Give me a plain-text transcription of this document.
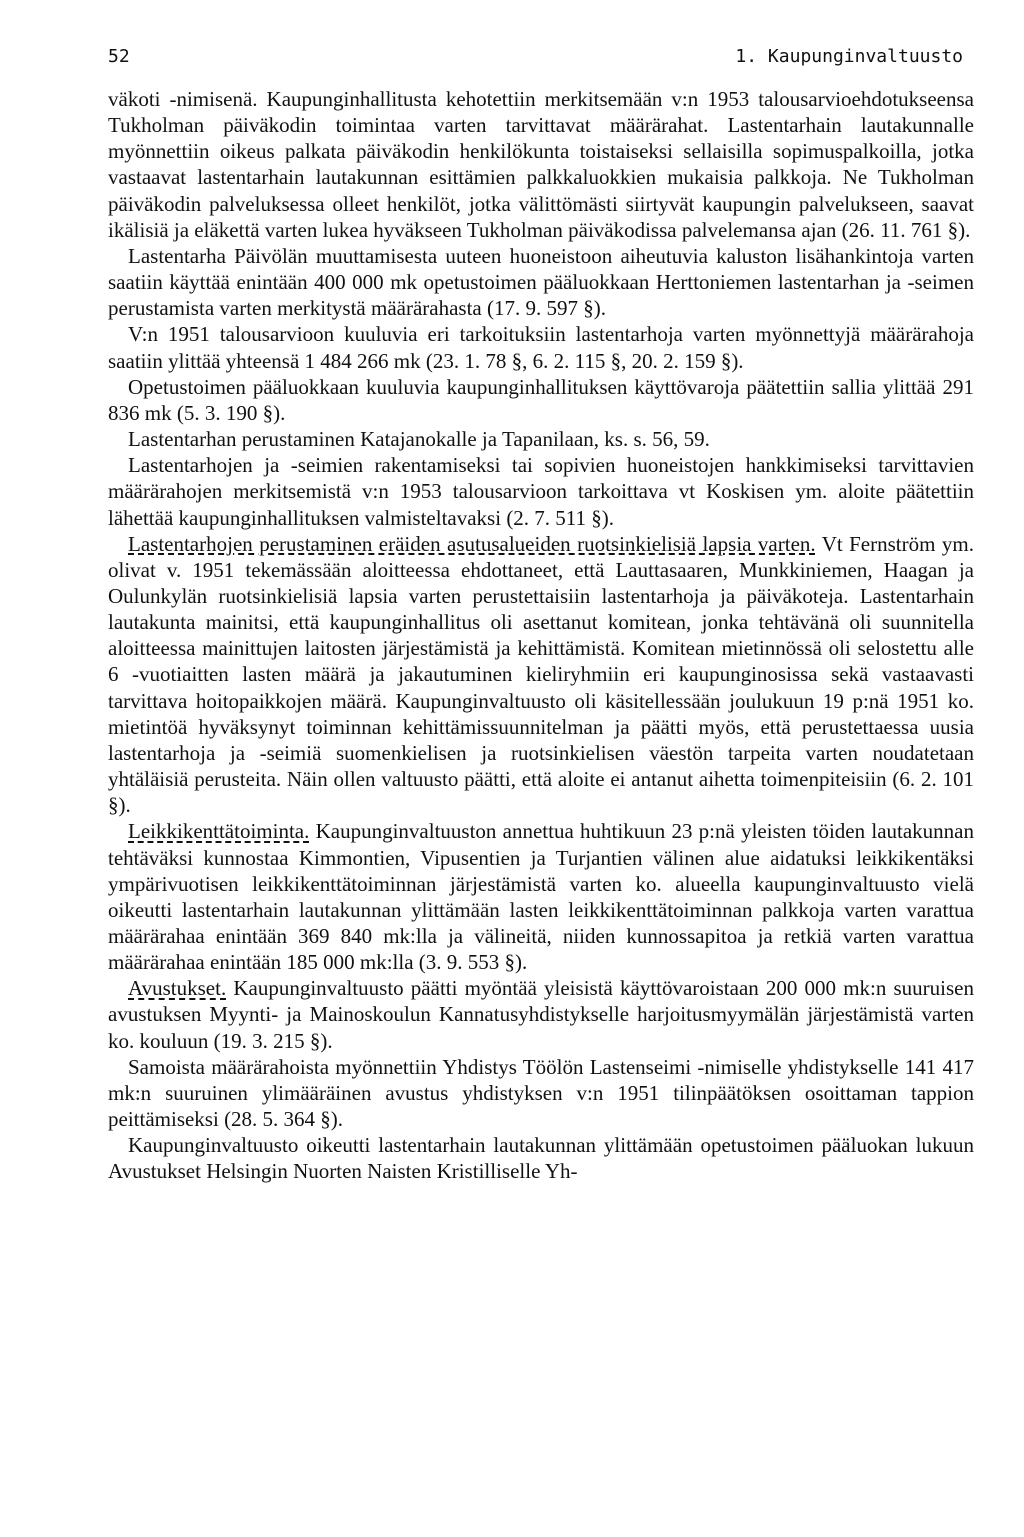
52	1. Kaupunginvaltuusto

väkoti -nimisenä. Kaupunginhallitusta kehotettiin merkitsemään v:n 1953 talousarvioehdotukseensa Tukholman päiväkodin toimintaa varten tarvittavat määrärahat. Lastentarhain lautakunnalle myönnettiin oikeus palkata päiväkodin henkilökunta toistaiseksi sellaisilla sopimuspalkoilla, jotka vastaavat lastentarhain lautakunnan esittämien palkkaluokkien mukaisia palkkoja. Ne Tukholman päiväkodin palveluksessa olleet henkilöt, jotka välittömästi siirtyvät kaupungin palvelukseen, saavat ikälisiä ja eläkettä varten lukea hyväkseen Tukholman päiväkodissa palvelemansa ajan (26. 11. 761 §).

Lastentarha Päivölän muuttamisesta uuteen huoneistoon aiheutuvia kaluston lisähankintoja varten saatiin käyttää enintään 400 000 mk opetustoimen pääluokkaan Herttoniemen lastentarhan ja -seimen perustamista varten merkitystä määrärahasta (17. 9. 597 §).

V:n 1951 talousarvioon kuuluvia eri tarkoituksiin lastentarhoja varten myönnettyjä määrärahoja saatiin ylittää yhteensä 1 484 266 mk (23. 1. 78 §, 6. 2. 115 §, 20. 2. 159 §).

Opetustoimen pääluokkaan kuuluvia kaupunginhallituksen käyttövaroja päätettiin sallia ylittää 291 836 mk (5. 3. 190 §).

Lastentarhan perustaminen Katajanokalle ja Tapanilaan, ks. s. 56, 59.

Lastentarhojen ja -seimien rakentamiseksi tai sopivien huoneistojen hankkimiseksi tarvittavien määrärahojen merkitsemistä v:n 1953 talousarvioon tarkoittava vt Koskisen ym. aloite päätettiin lähettää kaupunginhallituksen valmisteltavaksi (2. 7. 511 §).

Lastentarhojen perustaminen eräiden asutusalueiden ruotsinkielisiä lapsia varten. Vt Fernström ym. olivat v. 1951 tekemässään aloitteessa ehdottaneet, että Lauttasaaren, Munkkiniemen, Haagan ja Oulunkylän ruotsinkielisiä lapsia varten perustettaisiin lastentarhoja ja päiväkoteja. Lastentarhain lautakunta mainitsi, että kaupunginhallitus oli asettanut komitean, jonka tehtävänä oli suunnitella aloitteessa mainittujen laitosten järjestämistä ja kehittämistä. Komitean mietinnössä oli selostettu alle 6 -vuotiaitten lasten määrä ja jakautuminen kieliryhmiin eri kaupunginosissa sekä vastaavasti tarvittava hoitopaikkojen määrä. Kaupunginvaltuusto oli käsitellessään joulukuun 19 p:nä 1951 ko. mietintöä hyväksynyt toiminnan kehittämissuunnitelman ja päätti myös, että perustettaessa uusia lastentarhoja ja -seimiä suomenkielisen ja ruotsinkielisen väestön tarpeita varten noudatetaan yhtäläisiä perusteita. Näin ollen valtuusto päätti, että aloite ei antanut aihetta toimenpiteisiin (6. 2. 101 §).

Leikkikenttätoiminta. Kaupunginvaltuuston annettua huhtikuun 23 p:nä yleisten töiden lautakunnan tehtäväksi kunnostaa Kimmontien, Vipusentien ja Turjantien välinen alue aidatuksi leikkikentäksi ympärivuotisen leikkikenttätoiminnan järjestämistä varten ko. alueella kaupunginvaltuusto vielä oikeutti lastentarhain lautakunnan ylittämään lasten leikkikenttätoiminnan palkkoja varten varattua määrärahaa enintään 369 840 mk:lla ja välineitä, niiden kunnossapitoa ja retkiä varten varattua määrärahaa enintään 185 000 mk:lla (3. 9. 553 §).

Avustukset. Kaupunginvaltuusto päätti myöntää yleisistä käyttövaroistaan 200 000 mk:n suuruisen avustuksen Myynti- ja Mainoskoulun Kannatusyhdistykselle harjoitusmyymälän järjestämistä varten ko. kouluun (19. 3. 215 §).

Samoista määrärahoista myönnettiin Yhdistys Töölön Lastenseimi -nimiselle yhdistykselle 141 417 mk:n suuruinen ylimääräinen avustus yhdistyksen v:n 1951 tilinpäätöksen osoittaman tappion peittämiseksi (28. 5. 364 §).

Kaupunginvaltuusto oikeutti lastentarhain lautakunnan ylittämään opetustoimen pääluokan lukuun Avustukset Helsingin Nuorten Naisten Kristilliselle Yh-
